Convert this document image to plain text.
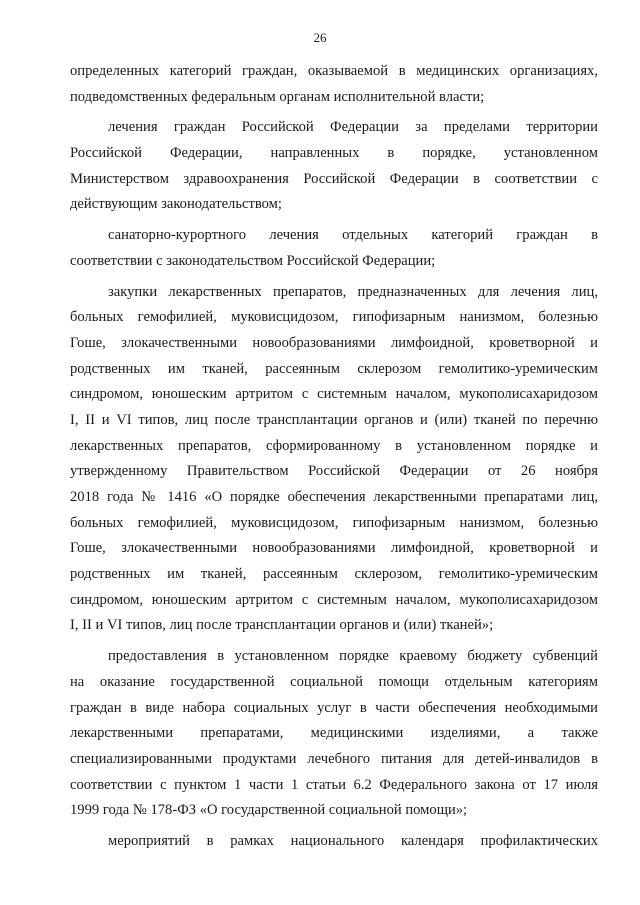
26
определенных категорий граждан, оказываемой в медицинских организациях,
подведомственных федеральным органам исполнительной власти;
лечения граждан Российской Федерации за пределами территории
Российской Федерации, направленных в порядке, установленном
Министерством здравоохранения Российской Федерации в соответствии с
действующим законодательством;
санаторно-курортного лечения отдельных категорий граждан в
соответствии с законодательством Российской Федерации;
закупки лекарственных препаратов, предназначенных для лечения лиц,
больных гемофилией, муковисцидозом, гипофизарным нанизмом, болезнью
Гоше, злокачественными новообразованиями лимфоидной, кроветворной и
родственных им тканей, рассеянным склерозом гемолитико-уремическим
синдромом, юношеским артритом с системным началом, мукополисахаридозом
I, II и VI типов, лиц после трансплантации органов и (или) тканей по перечню
лекарственных препаратов, сформированному в установленном порядке и
утвержденному Правительством Российской Федерации от 26 ноября
2018 года № 1416 «О порядке обеспечения лекарственными препаратами лиц,
больных гемофилией, муковисцидозом, гипофизарным нанизмом, болезнью
Гоше, злокачественными новообразованиями лимфоидной, кроветворной и
родственных им тканей, рассеянным склерозом, гемолитико-уремическим
синдромом, юношеским артритом с системным началом, мукополисахаридозом
I, II и VI типов, лиц после трансплантации органов и (или) тканей»;
предоставления в установленном порядке краевому бюджету субвенций
на оказание государственной социальной помощи отдельным категориям
граждан в виде набора социальных услуг в части обеспечения необходимыми
лекарственными препаратами, медицинскими изделиями, а также
специализированными продуктами лечебного питания для детей-инвалидов в
соответствии с пунктом 1 части 1 статьи 6.2 Федерального закона от 17 июля
1999 года № 178-ФЗ «О государственной социальной помощи»;
мероприятий в рамках национального календаря профилактических
